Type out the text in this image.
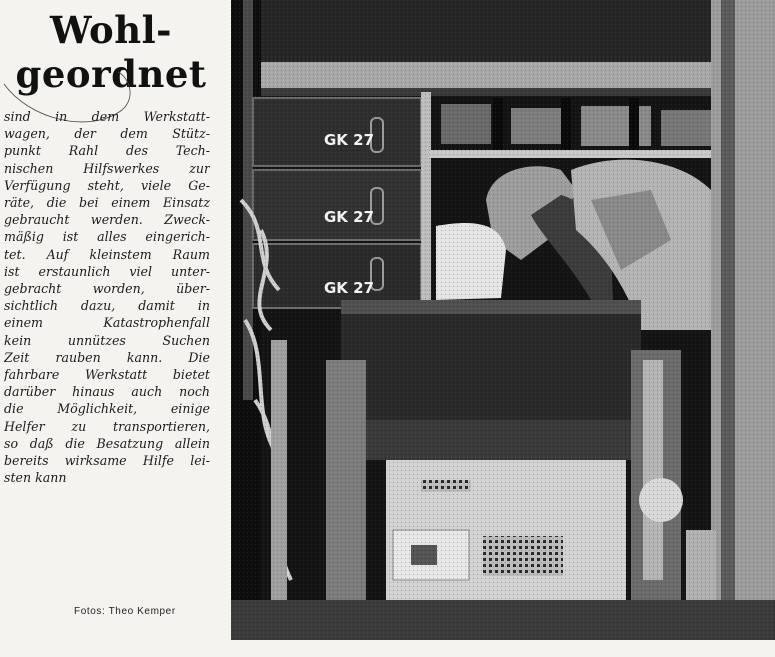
Wohl-
geordnet

sind in dem Werkstatt-
wagen, der dem Stütz-
punkt Rahl des Tech-
nischen Hilfswerkes zur
Verfügung steht, viele Ge-
räte, die bei einem Einsatz
gebraucht werden. Zweck-
mäßig ist alles eingerich-
tet. Auf kleinstem Raum
ist erstaunlich viel unter-
gebracht worden, über-
sichtlich dazu, damit in
einem Katastrophenfall
kein unnützes Suchen
Zeit rauben kann. Die
fahrbare Werkstatt bietet
darüber hinaus auch noch
die Möglichkeit, einige
Helfer zu transportieren,
so daß die Besatzung allein
bereits wirksame Hilfe lei-
sten kann

Fotos: Theo Kemper
GK 27
GK 27
GK 27
